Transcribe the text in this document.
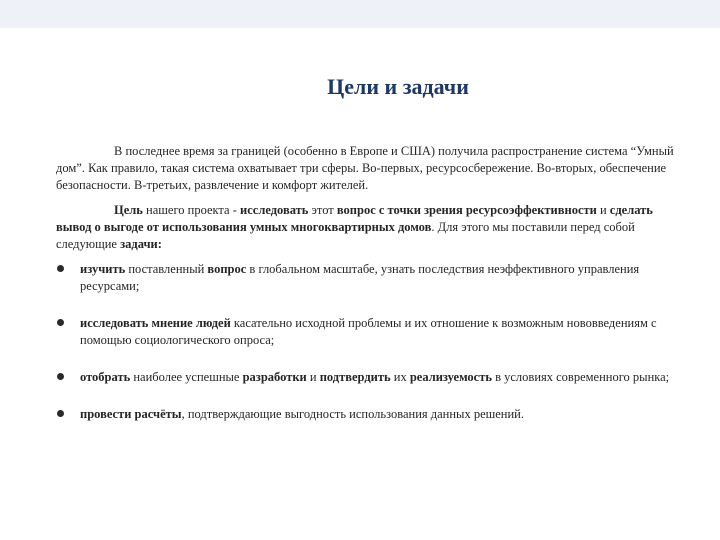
Цели и задачи

В последнее время за границей (особенно в Европе и США) получила распространение система “Умный дом”. Как правило, такая система охватывает три сферы. Во-первых, ресурсосбережение. Во-вторых, обеспечение безопасности. В-третьих, развлечение и комфорт жителей.

Цель нашего проекта - исследовать этот вопрос с точки зрения ресурсоэффективности и сделать вывод о выгоде от использования умных многоквартирных домов. Для этого мы поставили перед собой следующие задачи:

изучить поставленный вопрос в глобальном масштабе, узнать последствия неэффективного управления ресурсами;
исследовать мнение людей касательно исходной проблемы и их отношение к возможным нововведениям с помощью социологического опроса;
отобрать наиболее успешные разработки и подтвердить их реализуемость в условиях современного рынка;
провести расчёты, подтверждающие выгодность использования данных решений.
